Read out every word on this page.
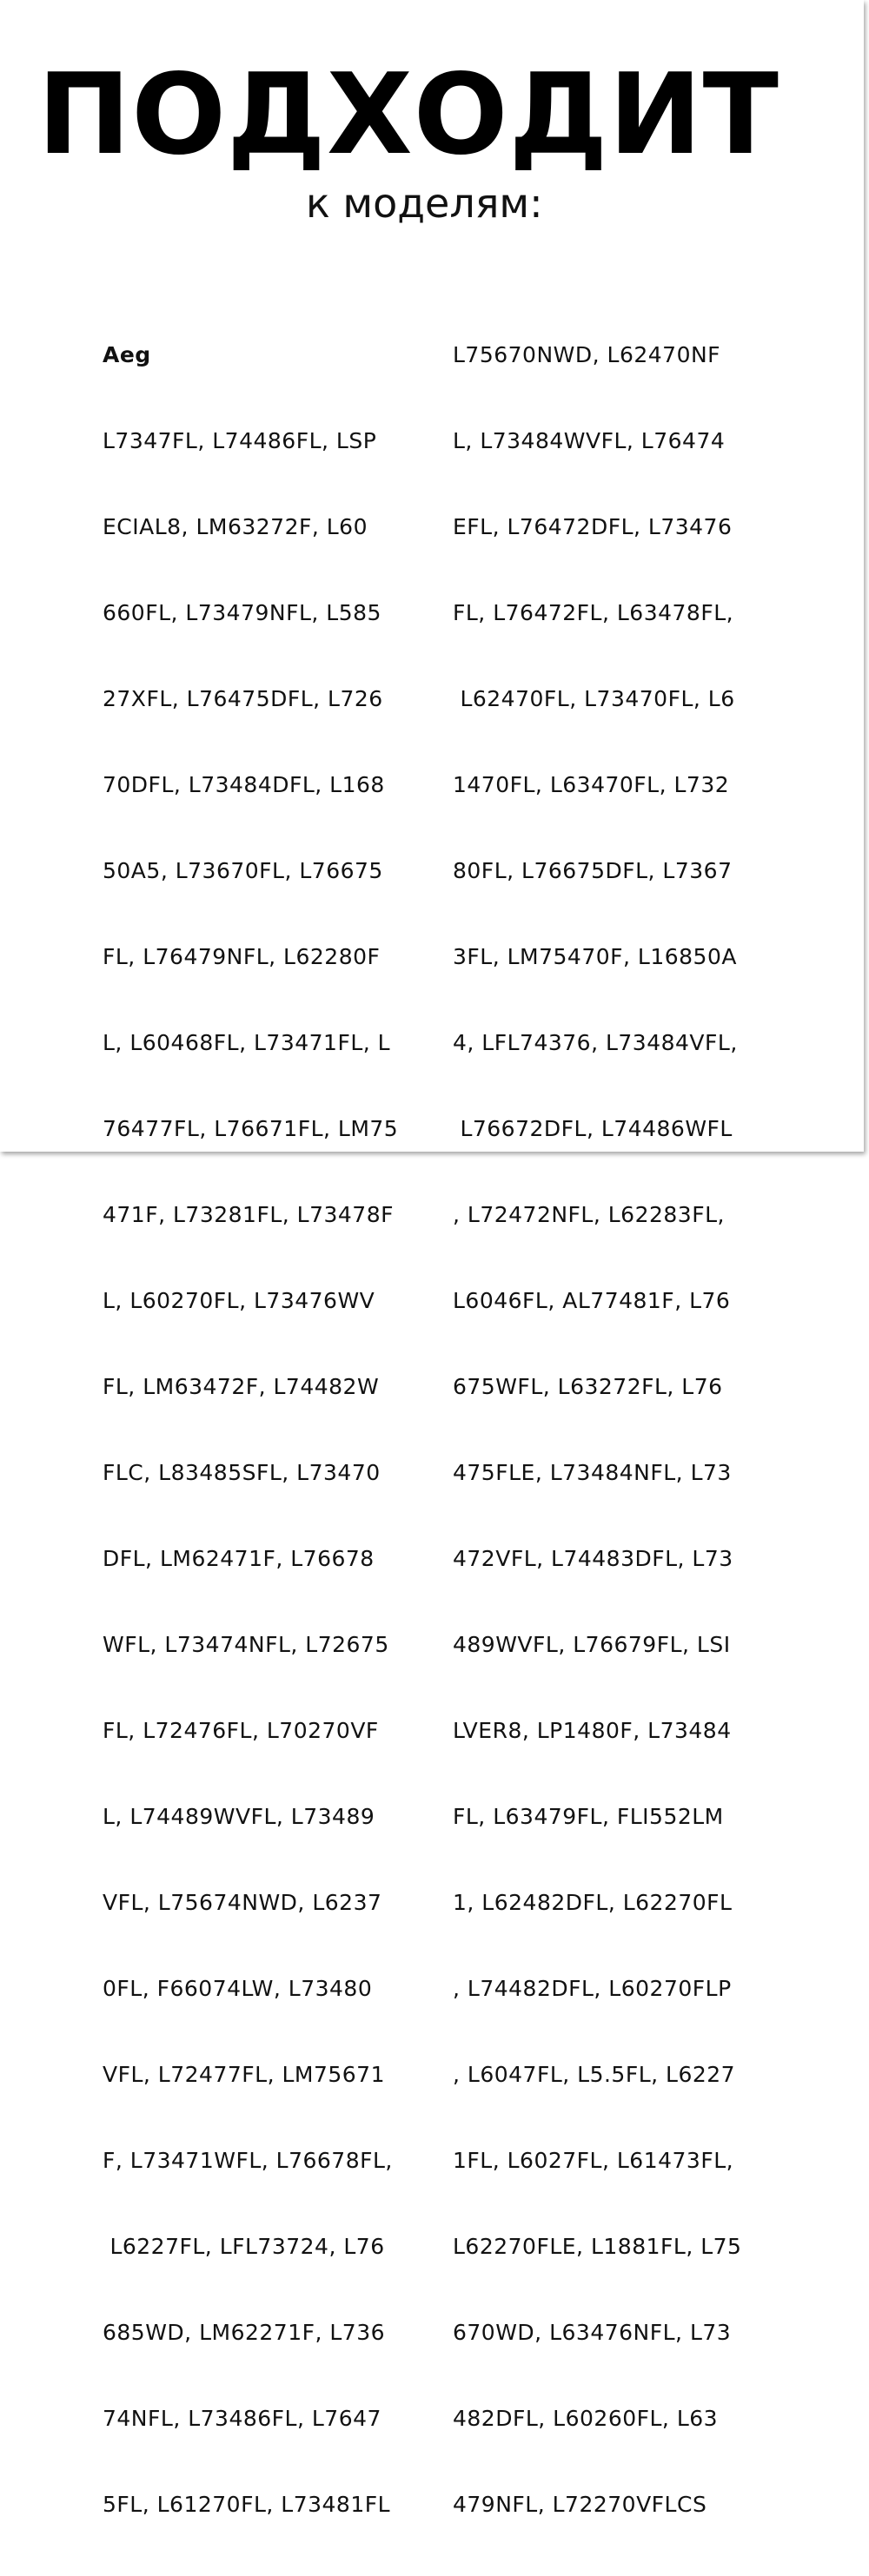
ПОДХОДИТ

к моделям:

Aeg

L7347FL, L74486FL, LSP

ECIAL8, LM63272F, L60

660FL, L73479NFL, L585

27XFL, L76475DFL, L726

70DFL, L73484DFL, L168

50A5, L73670FL, L76675

FL, L76479NFL, L62280F

L, L60468FL, L73471FL, L

76477FL, L76671FL, LM75

471F, L73281FL, L73478F

L, L60270FL, L73476WV

FL, LM63472F, L74482W

FLC, L83485SFL, L73470

DFL, LM62471F, L76678

WFL, L73474NFL, L72675

FL, L72476FL, L70270VF

L, L74489WVFL, L73489

VFL, L75674NWD, L6237

0FL, F66074LW, L73480

VFL, L72477FL, LM75671

F, L73471WFL, L76678FL,

L6227FL, LFL73724, L76

685WD, LM62271F, L736

74NFL, L73486FL, L7647

5FL, L61270FL, L73481FL

L75670NWD, L62470NF

L, L73484WVFL, L76474

EFL, L76472DFL, L73476

FL, L76472FL, L63478FL,

L62470FL, L73470FL, L6

1470FL, L63470FL, L732

80FL, L76675DFL, L7367

3FL, LM75470F, L16850A

4, LFL74376, L73484VFL,

L76672DFL, L74486WFL

, L72472NFL, L62283FL,

L6046FL, AL77481F, L76

675WFL, L63272FL, L76

475FLE, L73484NFL, L73

472VFL, L74483DFL, L73

489WVFL, L76679FL, LSI

LVER8, LP1480F, L73484

FL, L63479FL, FLI552LM

1, L62482DFL, L62270FL

, L74482DFL, L60270FLP

, L6047FL, L5.5FL, L6227

1FL, L6027FL, L61473FL,

L62270FLE, L1881FL, L75

670WD, L63476NFL, L73

482DFL, L60260FL, L63

479NFL, L72270VFLCS
